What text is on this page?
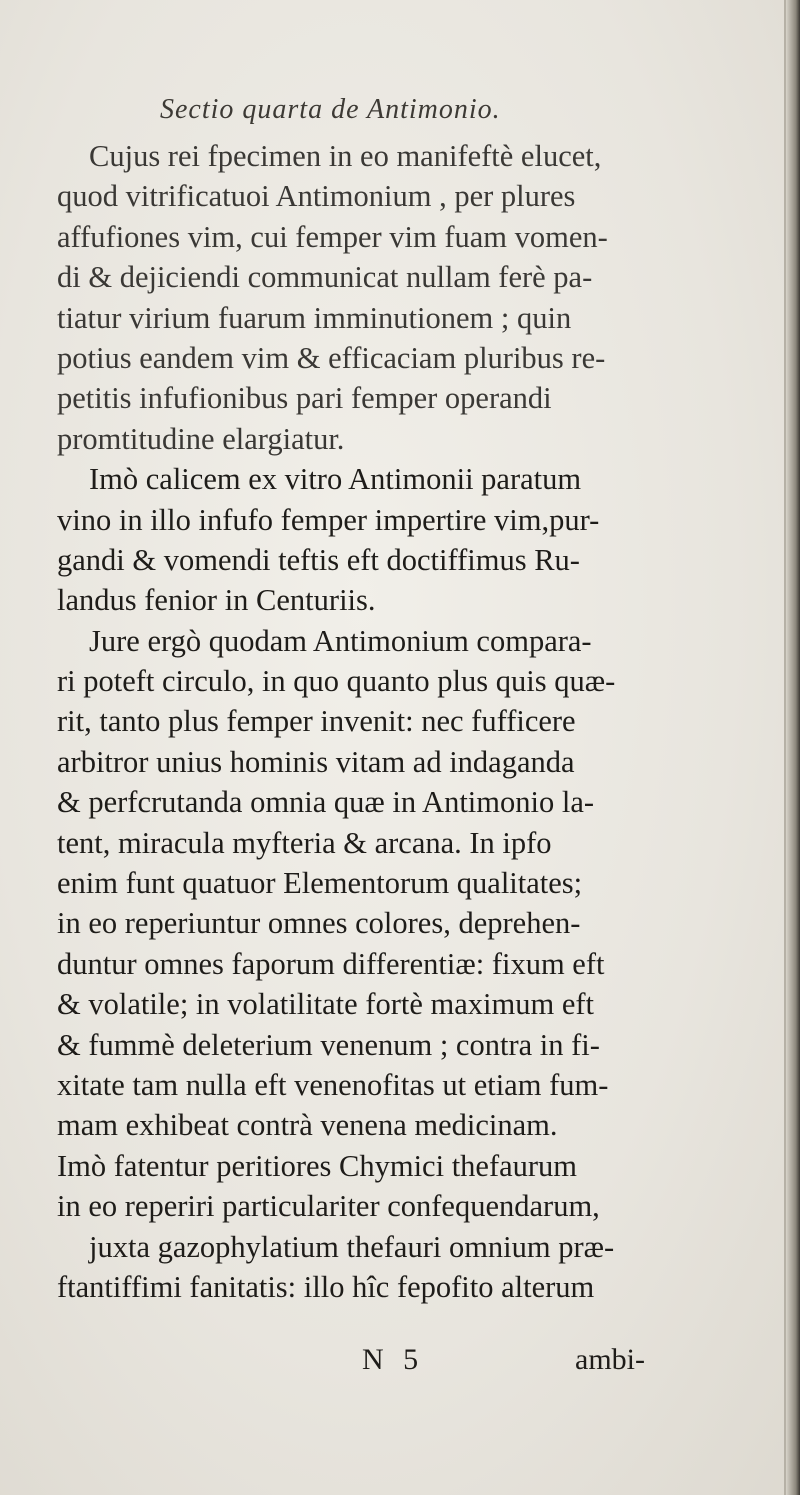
Sectio quarta de Antimonio.
Cujus rei fpecimen in eo manifeftè elucet,
quod vitrificatuoi Antimonium , per plures
affufiones vim, cui femper vim fuam vomen-
di & dejiciendi communicat nullam ferè pa-
tiatur virium fuarum imminutionem ; quin
potius eandem vim & efficaciam pluribus re-
petitis infufionibus pari femper operandi
promtitudine elargiatur.
Imò calicem ex vitro Antimonii paratum
vino in illo infufo femper impertire vim,pur-
gandi & vomendi teftis eft doctiffimus Ru-
landus fenior in Centuriis.
Jure ergò quodam Antimonium compara-
ri poteft circulo, in quo quanto plus quis quæ-
rit, tanto plus femper invenit: nec fufficere
arbitror unius hominis vitam ad indaganda
& perfcrutanda omnia quæ in Antimonio la-
tent, miracula myfteria & arcana. In ipfo
enim funt quatuor Elementorum qualitates;
in eo reperiuntur omnes colores, deprehen-
duntur omnes faporum differentiæ: fixum eft
& volatile; in volatilitate fortè maximum eft
& fummè deleterium venenum ; contra in fi-
xitate tam nulla eft venenofitas ut etiam fum-
mam exhibeat contrà venena medicinam.
Imò fatentur peritiores Chymici thefaurum
in eo reperiri particulariter confequendarum,
juxta gazophylatium thefauri omnium præ-
ftantiffimi fanitatis: illo hîc fepofito alterum
N 5	ambi-
